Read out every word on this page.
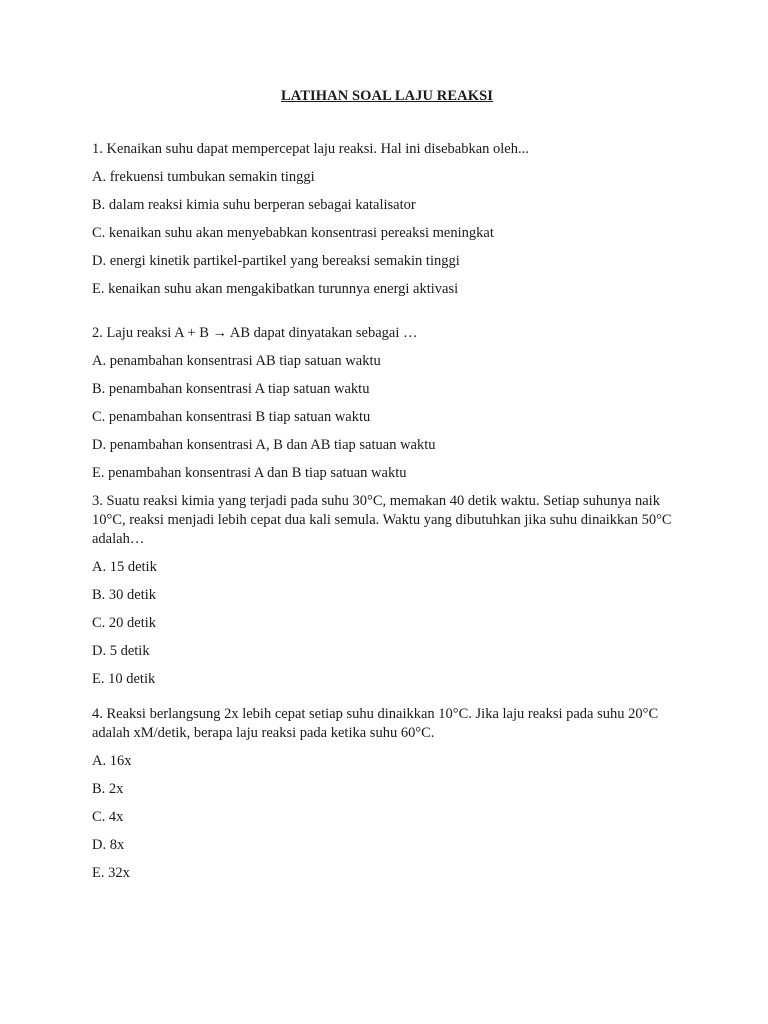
LATIHAN SOAL LAJU REAKSI

1. Kenaikan suhu dapat mempercepat laju reaksi. Hal ini disebabkan oleh...

A. frekuensi tumbukan semakin tinggi

B. dalam reaksi kimia suhu berperan sebagai katalisator

C. kenaikan suhu akan menyebabkan konsentrasi pereaksi meningkat

D. energi kinetik partikel-partikel yang bereaksi semakin tinggi

E. kenaikan suhu akan mengakibatkan turunnya energi aktivasi

2. Laju reaksi A + B → AB dapat dinyatakan sebagai …

A. penambahan konsentrasi AB tiap satuan waktu

B. penambahan konsentrasi A tiap satuan waktu

C. penambahan konsentrasi B tiap satuan waktu

D. penambahan konsentrasi A, B dan AB tiap satuan waktu

E. penambahan konsentrasi A dan B tiap satuan waktu

3. Suatu reaksi kimia yang terjadi pada suhu 30°C, memakan 40 detik waktu. Setiap suhunya naik 10°C, reaksi menjadi lebih cepat dua kali semula. Waktu yang dibutuhkan jika suhu dinaikkan 50°C adalah…

A. 15 detik

B. 30 detik

C. 20 detik

D. 5 detik

E. 10 detik

4. Reaksi berlangsung 2x lebih cepat setiap suhu dinaikkan 10°C. Jika laju reaksi pada suhu 20°C adalah xM/detik, berapa laju reaksi pada ketika suhu 60°C.

A. 16x

B. 2x

C. 4x

D. 8x

E. 32x
